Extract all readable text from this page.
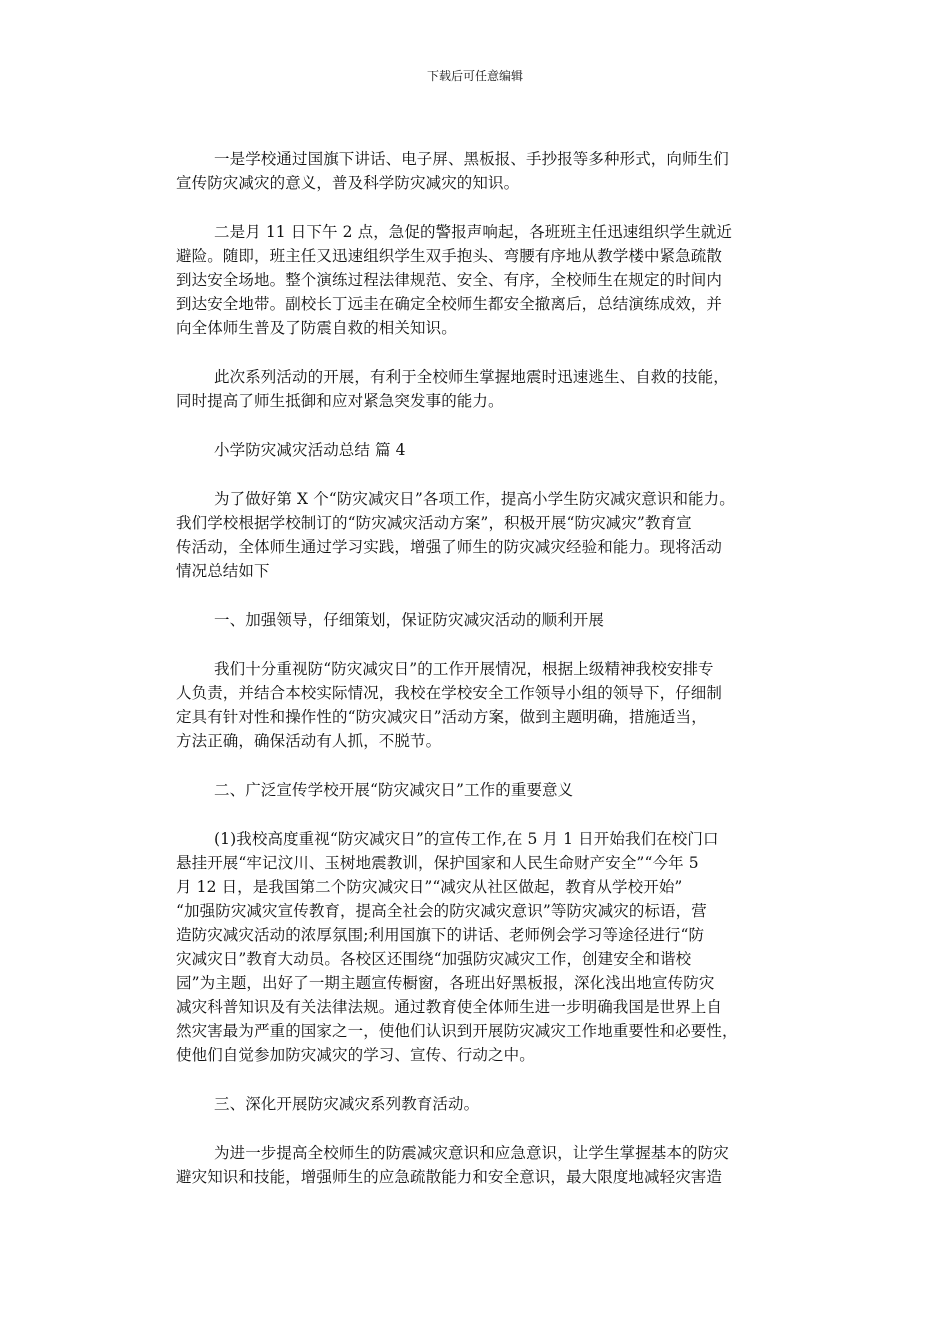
下载后可任意编辑
一是学校通过国旗下讲话、电子屏、黑板报、手抄报等多种形式，向师生们
宣传防灾减灾的意义，普及科学防灾减灾的知识。
二是月 11 日下午 2 点，急促的警报声响起，各班班主任迅速组织学生就近
避险。随即，班主任又迅速组织学生双手抱头、弯腰有序地从教学楼中紧急疏散
到达安全场地。整个演练过程法律规范、安全、有序，全校师生在规定的时间内
到达安全地带。副校长丁远圭在确定全校师生都安全撤离后，总结演练成效，并
向全体师生普及了防震自救的相关知识。
此次系列活动的开展，有利于全校师生掌握地震时迅速逃生、自救的技能，
同时提高了师生抵御和应对紧急突发事的能力。
小学防灾减灾活动总结 篇 4
为了做好第 X 个“防灾减灾日”各项工作，提高小学生防灾减灾意识和能力。
我们学校根据学校制订的“防灾减灾活动方案”，积极开展“防灾减灾”教育宣
传活动，全体师生通过学习实践，增强了师生的防灾减灾经验和能力。现将活动
情况总结如下
一、加强领导，仔细策划，保证防灾减灾活动的顺利开展
我们十分重视防“防灾减灾日”的工作开展情况，根据上级精神我校安排专
人负责，并结合本校实际情况，我校在学校安全工作领导小组的领导下，仔细制
定具有针对性和操作性的“防灾减灾日”活动方案，做到主题明确，措施适当，
方法正确，确保活动有人抓，不脱节。
二、广泛宣传学校开展“防灾减灾日”工作的重要意义
(1)我校高度重视“防灾减灾日”的宣传工作,在 5 月 1 日开始我们在校门口
悬挂开展“牢记汶川、玉树地震教训，保护国家和人民生命财产安全”“今年 5
月 12 日，是我国第二个防灾减灾日”“减灾从社区做起，教育从学校开始”
“加强防灾减灾宣传教育，提高全社会的防灾减灾意识”等防灾减灾的标语，营
造防灾减灾活动的浓厚氛围;利用国旗下的讲话、老师例会学习等途径进行“防
灾减灾日”教育大动员。各校区还围绕“加强防灾减灾工作，创建安全和谐校
园”为主题，出好了一期主题宣传橱窗，各班出好黑板报，深化浅出地宣传防灾
减灾科普知识及有关法律法规。通过教育使全体师生进一步明确我国是世界上自
然灾害最为严重的国家之一，使他们认识到开展防灾减灾工作地重要性和必要性，
使他们自觉参加防灾减灾的学习、宣传、行动之中。
三、深化开展防灾减灾系列教育活动。
为进一步提高全校师生的防震减灾意识和应急意识，让学生掌握基本的防灾
避灾知识和技能，增强师生的应急疏散能力和安全意识，最大限度地减轻灾害造
